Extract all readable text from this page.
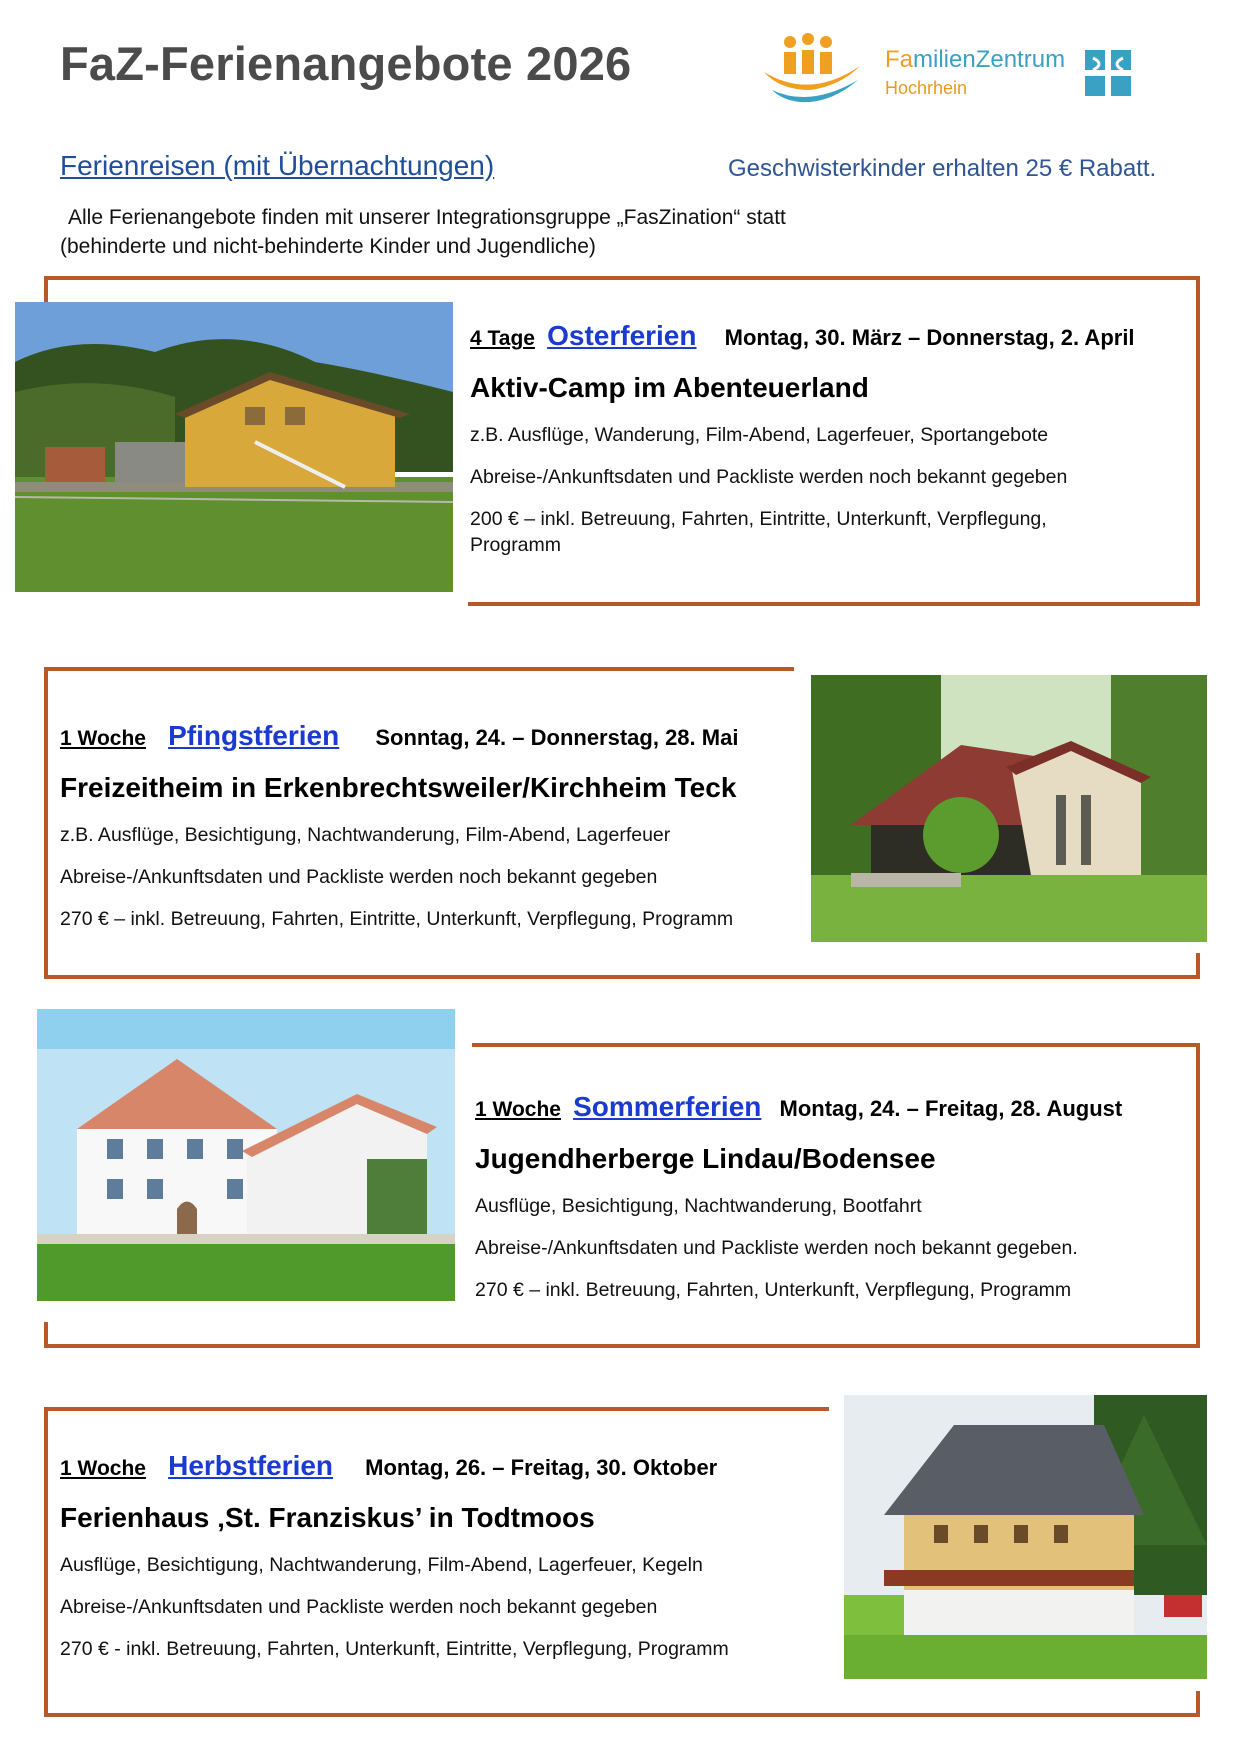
FaZ-Ferienangebote 2026	FamilienZentrum
Hochrhein
Ferienreisen (mit Übernachtungen)	Geschwisterkinder erhalten 25 € Rabatt.
Alle Ferienangebote finden mit unserer Integrationsgruppe „FasZination“ statt
(behinderte und nicht-behinderte Kinder und Jugendliche)
4 Tage Osterferien Montag, 30. März – Donnerstag, 2. April
Aktiv-Camp im Abenteuerland
z.B. Ausflüge, Wanderung, Film-Abend, Lagerfeuer, Sportangebote
Abreise-/Ankunftsdaten und Packliste werden noch bekannt gegeben
200 € – inkl. Betreuung, Fahrten, Eintritte, Unterkunft, Verpflegung, Programm
1 Woche Pfingstferien Sonntag, 24. – Donnerstag, 28. Mai
Freizeitheim in Erkenbrechtsweiler/Kirchheim Teck
z.B. Ausflüge, Besichtigung, Nachtwanderung, Film-Abend, Lagerfeuer
Abreise-/Ankunftsdaten und Packliste werden noch bekannt gegeben
270 € – inkl. Betreuung, Fahrten, Eintritte, Unterkunft, Verpflegung, Programm
1 Woche Sommerferien Montag, 24. – Freitag, 28. August
Jugendherberge Lindau/Bodensee
Ausflüge, Besichtigung, Nachtwanderung, Bootfahrt
Abreise-/Ankunftsdaten und Packliste werden noch bekannt gegeben.
270 € – inkl. Betreuung, Fahrten, Unterkunft, Verpflegung, Programm
1 Woche Herbstferien Montag, 26. – Freitag, 30. Oktober
Ferienhaus ‚St. Franziskus’ in Todtmoos
Ausflüge, Besichtigung, Nachtwanderung, Film-Abend, Lagerfeuer, Kegeln
Abreise-/Ankunftsdaten und Packliste werden noch bekannt gegeben
270 € - inkl. Betreuung, Fahrten, Unterkunft, Eintritte, Verpflegung, Programm
